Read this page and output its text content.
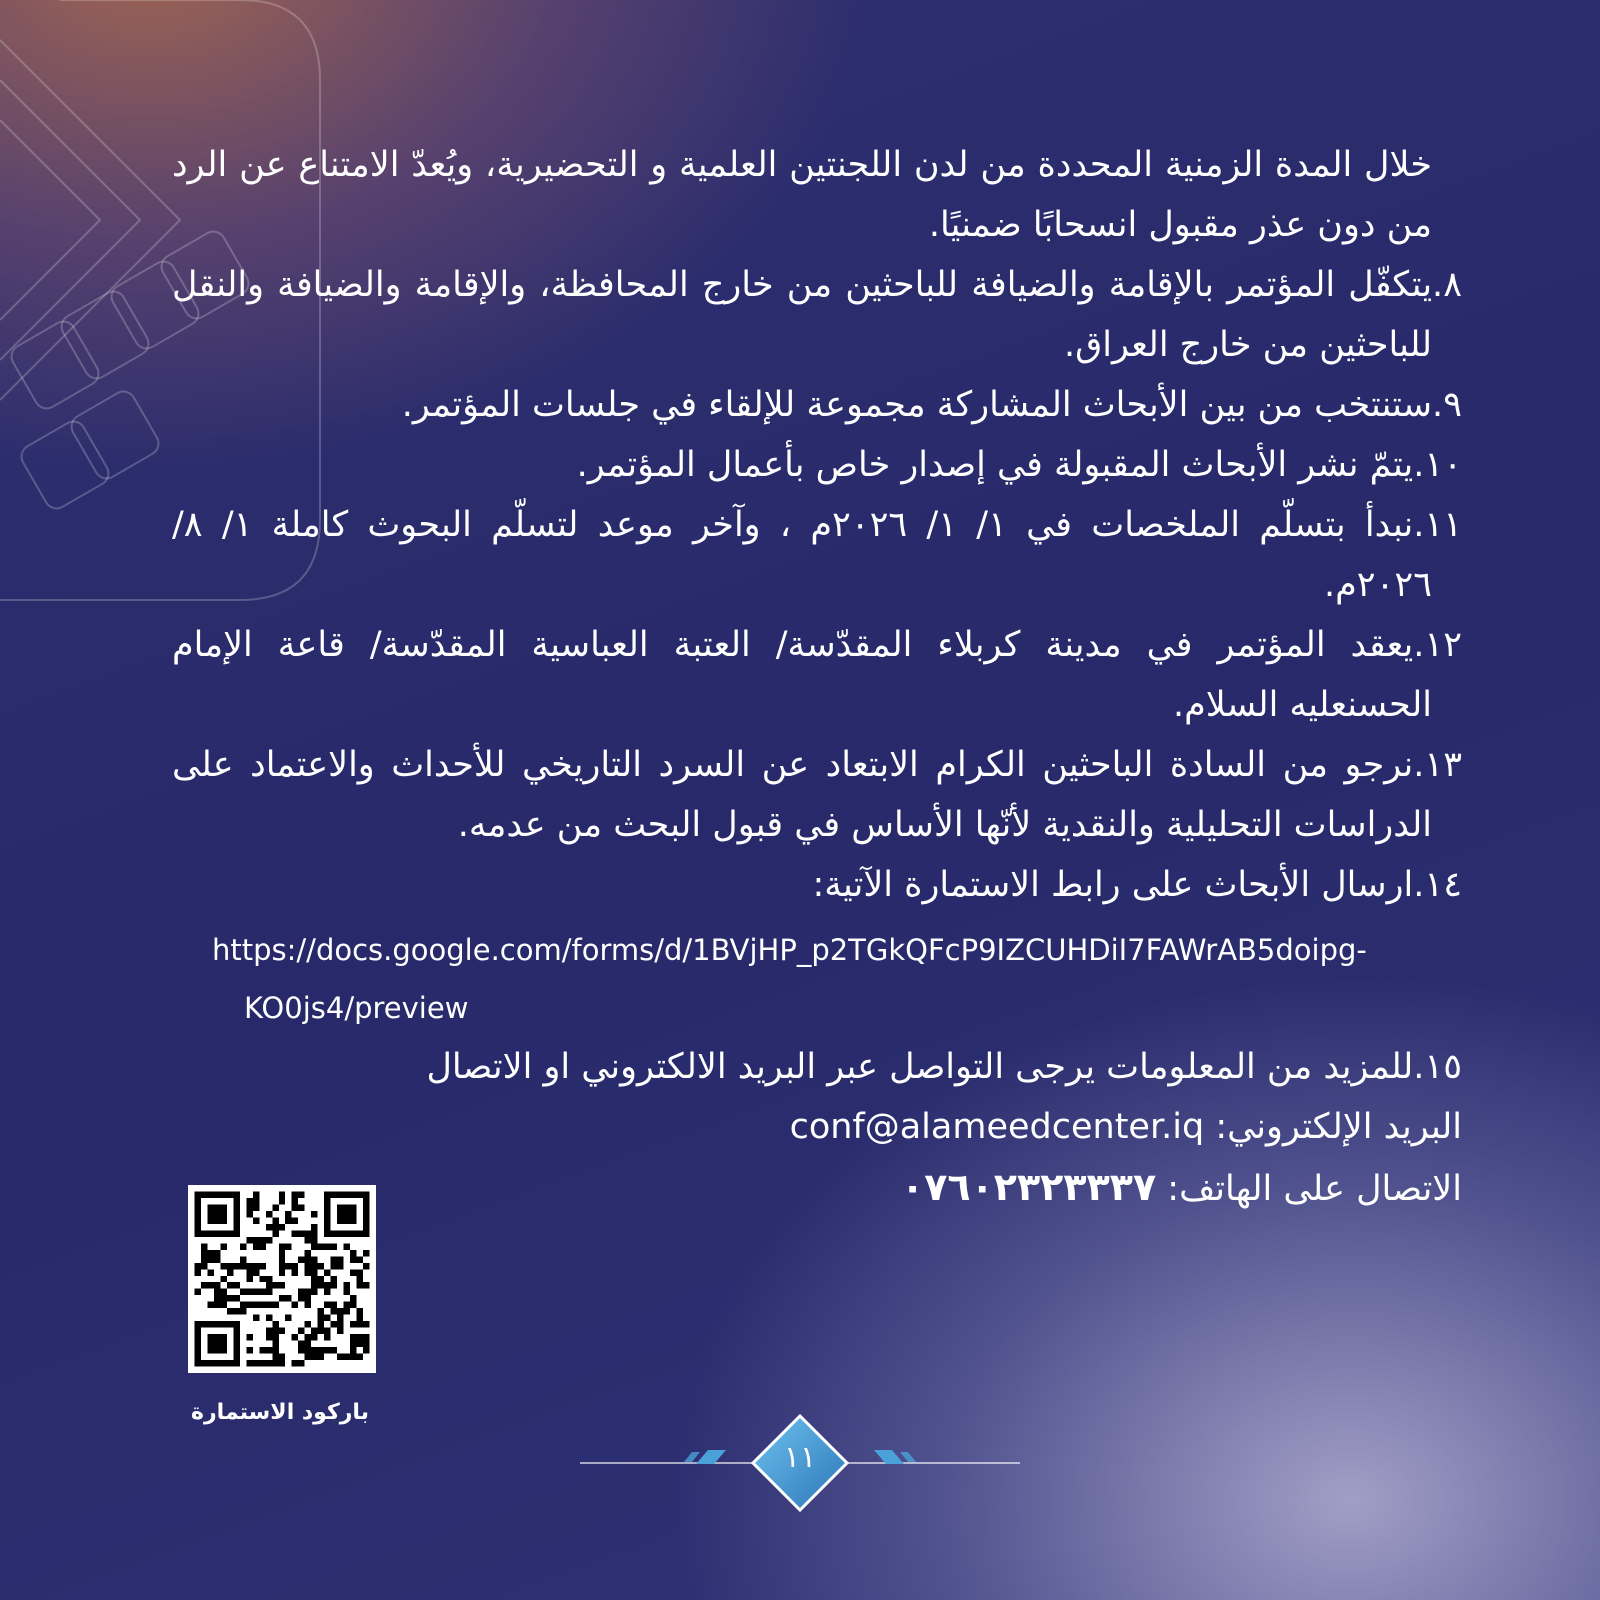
خلال المدة الزمنية المحددة من لدن اللجنتين العلمية و التحضيرية، ويُعدّ الامتناع عن الرد من دون عذر مقبول انسحابًا ضمنيًا.

٨.يتكفّل المؤتمر بالإقامة والضيافة للباحثين من خارج المحافظة، والإقامة والضيافة والنقل للباحثين من خارج العراق.

٩.ستنتخب من بين الأبحاث المشاركة مجموعة للإلقاء في جلسات المؤتمر.

١٠.يتمّ نشر الأبحاث المقبولة في إصدار خاص بأعمال المؤتمر.

١١.نبدأ بتسلّم الملخصات في ١/ ١/ ٢٠٢٦م ، وآخر موعد لتسلّم البحوث كاملة ١/ ٨/ ٢٠٢٦م.

١٢.يعقد المؤتمر في مدينة كربلاء المقدّسة/ العتبة العباسية المقدّسة/ قاعة الإمام الحسنعليه السلام.

١٣.نرجو من السادة الباحثين الكرام الابتعاد عن السرد التاريخي للأحداث والاعتماد على الدراسات التحليلية والنقدية لأنّها الأساس في قبول البحث من عدمه.

١٤.ارسال الأبحاث على رابط الاستمارة الآتية:

https://docs.google.com/forms/d/1BVjHP_p2TGkQFcP9IZCUHDiI7FAWrAB5doipg-
KO0js4/preview

١٥.للمزيد من المعلومات يرجى التواصل عبر البريد الالكتروني او الاتصال

البريد الإلكتروني: conf@alameedcenter.iq

الاتصال على الهاتف: ٠٧٦٠٢٣٢٣٣٣٧

باركود الاستمارة
١١
